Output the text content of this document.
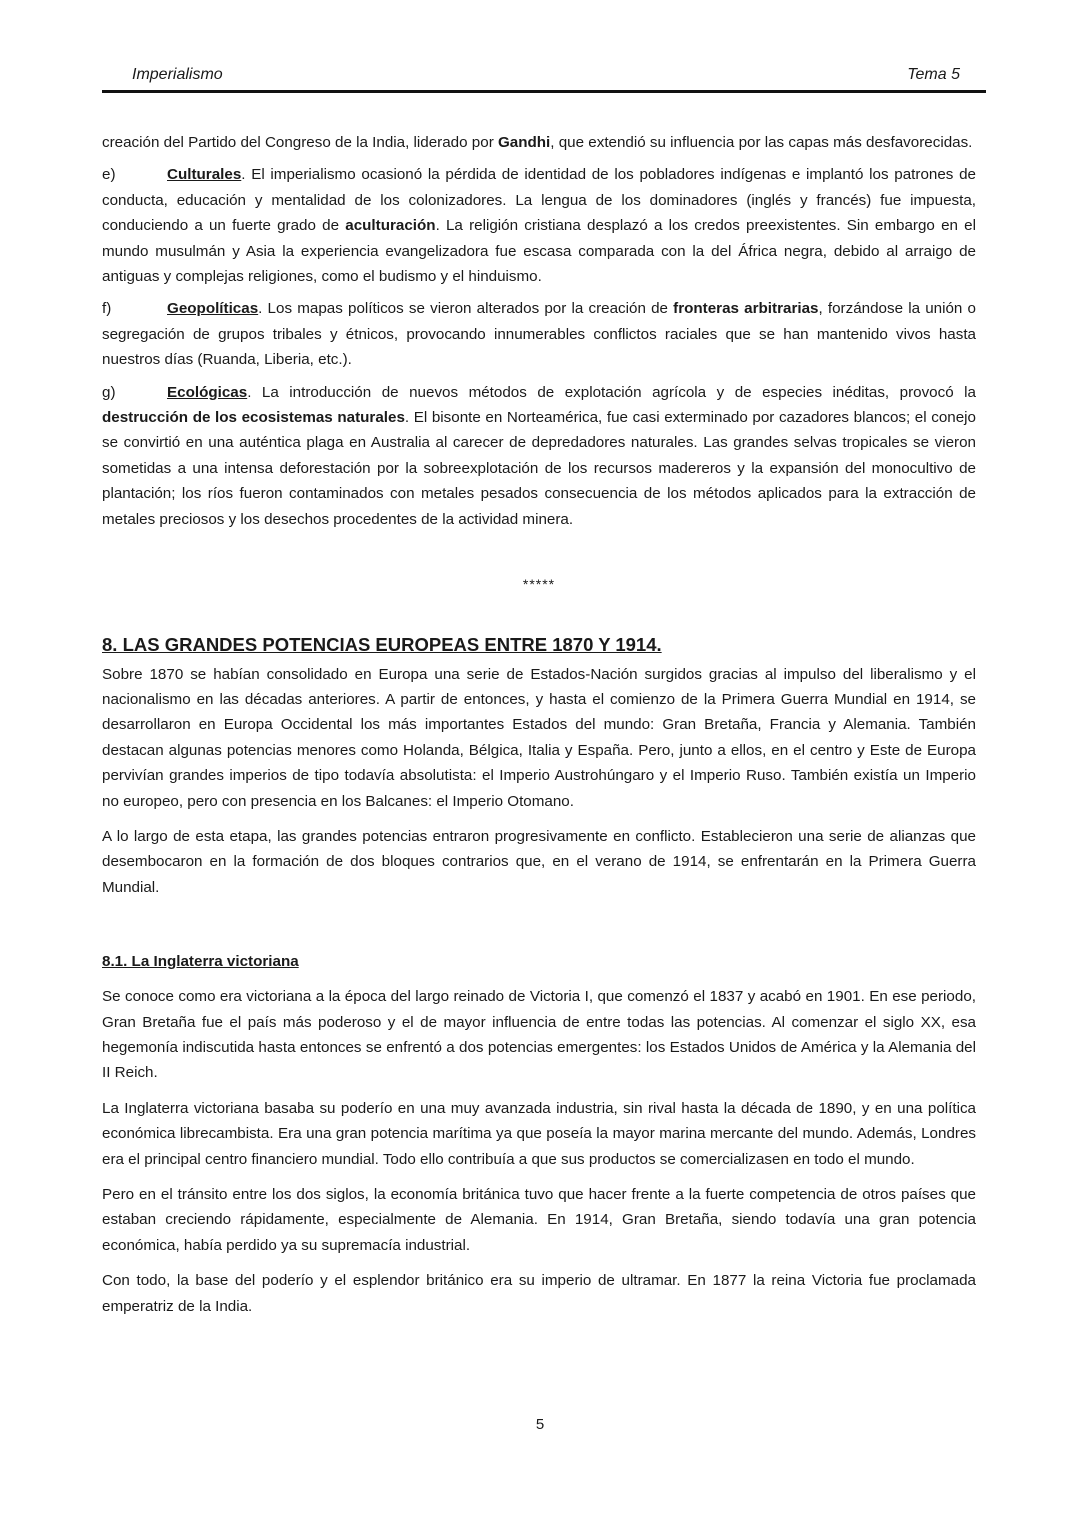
Imperialismo	Tema 5

creación del Partido del Congreso de la India, liderado por Gandhi, que extendió su influencia por las capas más desfavorecidas.

e)	Culturales. El imperialismo ocasionó la pérdida de identidad de los pobladores indígenas e implantó los patrones de conducta, educación y mentalidad de los colonizadores. La lengua de los dominadores (inglés y francés) fue impuesta, conduciendo a un fuerte grado de aculturación. La religión cristiana desplazó a los credos preexistentes. Sin embargo en el mundo musulmán y Asia la experiencia evangelizadora fue escasa comparada con la del África negra, debido al arraigo de antiguas y complejas religiones, como el budismo y el hinduismo.

f)	Geopolíticas. Los mapas políticos se vieron alterados por la creación de fronteras arbitrarias, forzándose la unión o segregación de grupos tribales y étnicos, provocando innumerables conflictos raciales que se han mantenido vivos hasta nuestros días (Ruanda, Liberia, etc.).

g)	Ecológicas. La introducción de nuevos métodos de explotación agrícola y de especies inéditas, provocó la destrucción de los ecosistemas naturales. El bisonte en Norteamérica, fue casi exterminado por cazadores blancos; el conejo se convirtió en una auténtica plaga en Australia al carecer de depredadores naturales. Las grandes selvas tropicales se vieron sometidas a una intensa deforestación por la sobreexplotación de los recursos madereros y la expansión del monocultivo de plantación; los ríos fueron contaminados con metales pesados consecuencia de los métodos aplicados para la extracción de metales preciosos y los desechos procedentes de la actividad minera.

*****
8. LAS GRANDES POTENCIAS EUROPEAS ENTRE 1870 Y 1914.

Sobre 1870 se habían consolidado en Europa una serie de Estados-Nación surgidos gracias al impulso del liberalismo y el nacionalismo en las décadas anteriores. A partir de entonces, y hasta el comienzo de la Primera Guerra Mundial en 1914, se desarrollaron en Europa Occidental los más importantes Estados del mundo: Gran Bretaña, Francia y Alemania. También destacan algunas potencias menores como Holanda, Bélgica, Italia y España. Pero, junto a ellos, en el centro y Este de Europa pervivían grandes imperios de tipo todavía absolutista: el Imperio Austrohúngaro y el Imperio Ruso. También existía un Imperio no europeo, pero con presencia en los Balcanes: el Imperio Otomano.

A lo largo de esta etapa, las grandes potencias entraron progresivamente en conflicto. Establecieron una serie de alianzas que desembocaron en la formación de dos bloques contrarios que, en el verano de 1914, se enfrentarán en la Primera Guerra Mundial.

8.1. La Inglaterra victoriana

Se conoce como era victoriana a la época del largo reinado de Victoria I, que comenzó el 1837 y acabó en 1901. En ese periodo, Gran Bretaña fue el país más poderoso y el de mayor influencia de entre todas las potencias. Al comenzar el siglo XX, esa hegemonía indiscutida hasta entonces se enfrentó a dos potencias emergentes: los Estados Unidos de América y la Alemania del II Reich.

La Inglaterra victoriana basaba su poderío en una muy avanzada industria, sin rival hasta la década de 1890, y en una política económica librecambista. Era una gran potencia marítima ya que poseía la mayor marina mercante del mundo. Además, Londres era el principal centro financiero mundial. Todo ello contribuía a que sus productos se comercializasen en todo el mundo.

Pero en el tránsito entre los dos siglos, la economía británica tuvo que hacer frente a la fuerte competencia de otros países que estaban creciendo rápidamente, especialmente de Alemania. En 1914, Gran Bretaña, siendo todavía una gran potencia económica, había perdido ya su supremacía industrial.

Con todo, la base del poderío y el esplendor británico era su imperio de ultramar. En 1877 la reina Victoria fue proclamada emperatriz de la India.

5
